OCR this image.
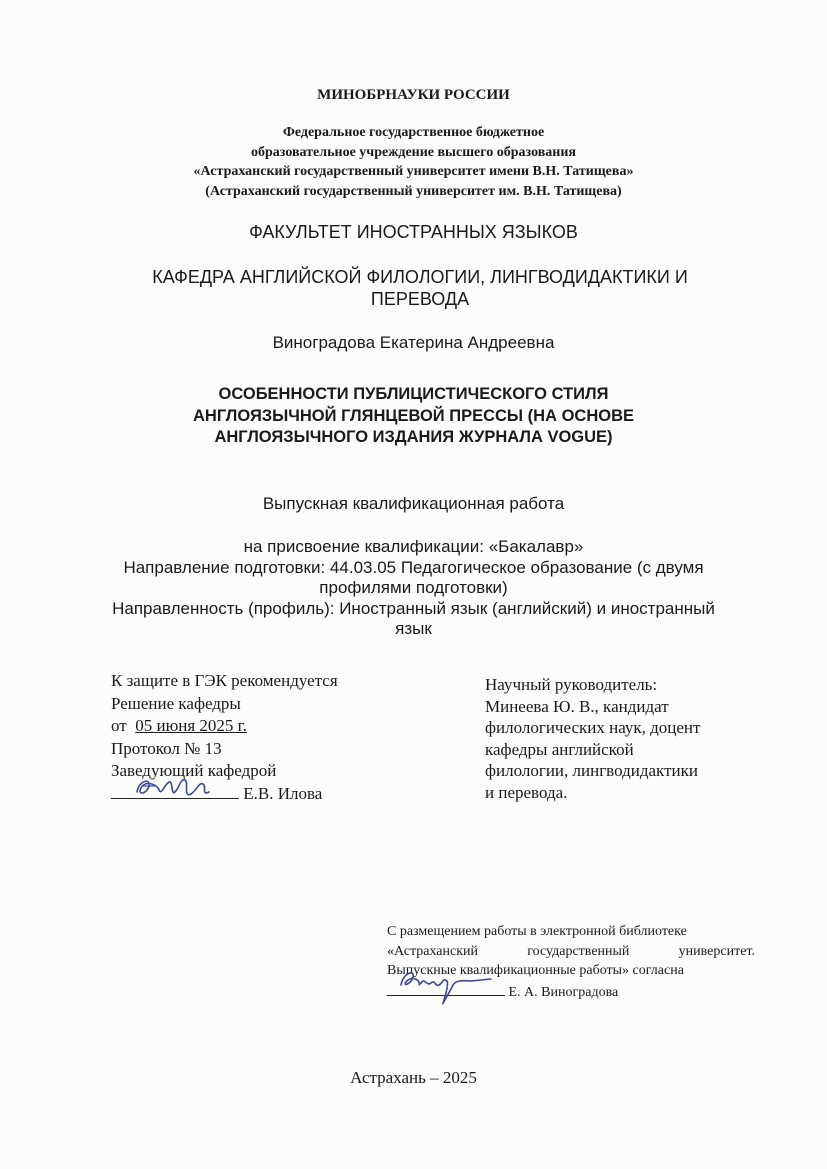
МИНОБРНАУКИ РОССИИ
Федеральное государственное бюджетное
образовательное учреждение высшего образования
«Астраханский государственный университет имени В.Н. Татищева»
(Астраханский государственный университет им. В.Н. Татищева)
ФАКУЛЬТЕТ ИНОСТРАННЫХ ЯЗЫКОВ
КАФЕДРА АНГЛИЙСКОЙ ФИЛОЛОГИИ, ЛИНГВОДИДАКТИКИ И ПЕРЕВОДА
Виноградова Екатерина Андреевна
ОСОБЕННОСТИ ПУБЛИЦИСТИЧЕСКОГО СТИЛЯ
АНГЛОЯЗЫЧНОЙ ГЛЯНЦЕВОЙ ПРЕССЫ (НА ОСНОВЕ
АНГЛОЯЗЫЧНОГО ИЗДАНИЯ ЖУРНАЛА VOGUE)
Выпускная квалификационная работа
на присвоение квалификации: «Бакалавр»
Направление подготовки: 44.03.05 Педагогическое образование (с двумя
профилями подготовки)
Направленность (профиль): Иностранный язык (английский) и иностранный
язык
К защите в ГЭК рекомендуется
Решение кафедры
от 05 июня 2025 г.
Протокол № 13
Заведующий кафедрой
Е.В. Илова
Научный руководитель:
Минеева Ю. В., кандидат
филологических наук, доцент
кафедры английской
филологии, лингводидактики
и перевода.
С размещением работы в электронной библиотеке
«Астраханский государственный университет.
Выпускные квалификационные работы» согласна
Е. А. Виноградова
Астрахань – 2025
